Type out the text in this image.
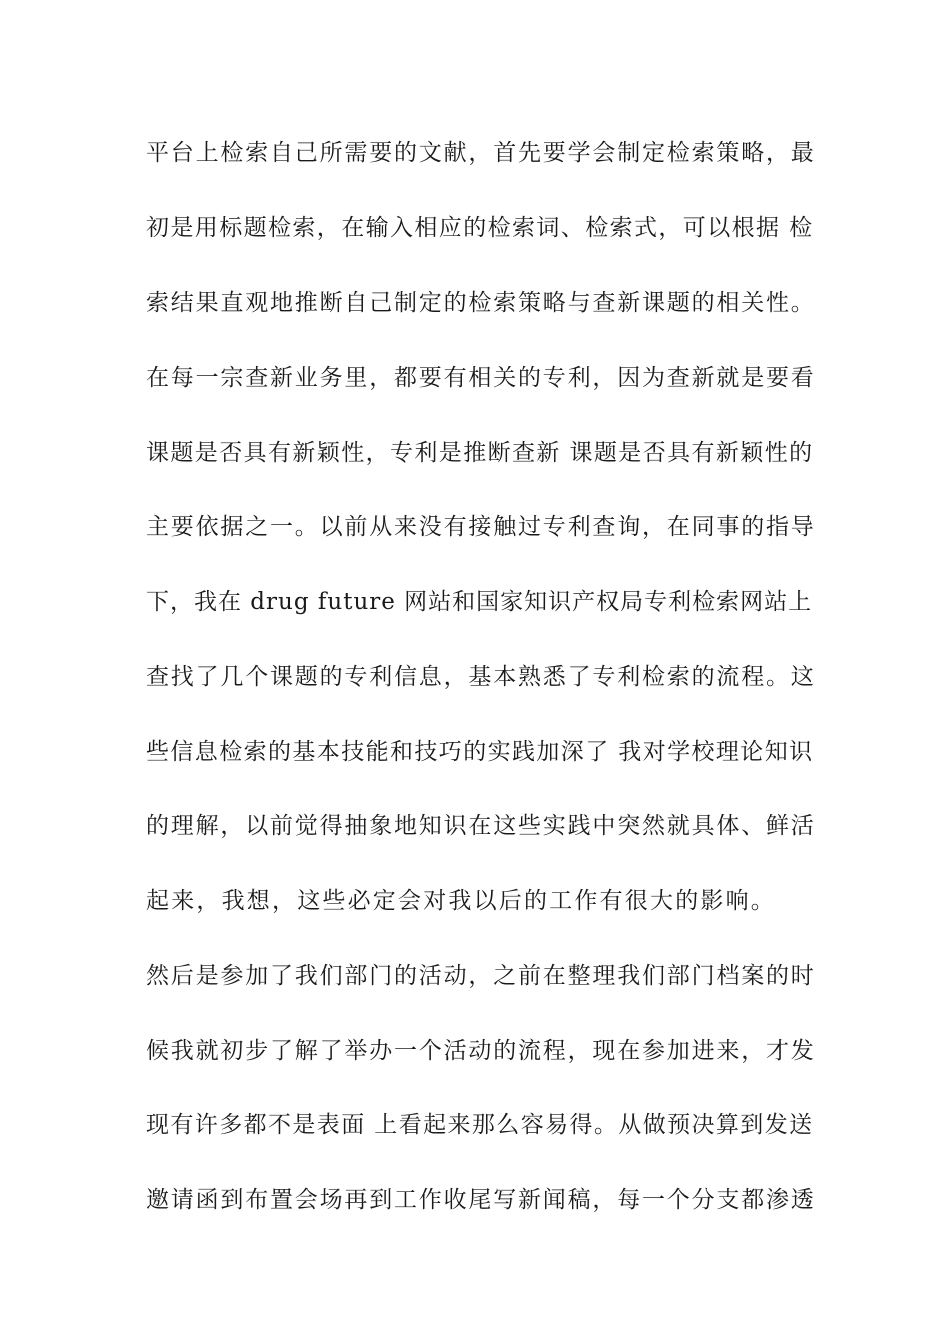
平台上检索自己所需要的文献，首先要学会制定检索策略，最
初是用标题检索，在输入相应的检索词、检索式，可以根据 检
索结果直观地推断自己制定的检索策略与查新课题的相关性。
在每一宗查新业务里，都要有相关的专利，因为查新就是要看
课题是否具有新颖性，专利是推断查新 课题是否具有新颖性的
主要依据之一。以前从来没有接触过专利查询，在同事的指导
下，我在 drug future 网站和国家知识产权局专利检索网站上
查找了几个课题的专利信息，基本熟悉了专利检索的流程。这
些信息检索的基本技能和技巧的实践加深了 我对学校理论知识
的理解，以前觉得抽象地知识在这些实践中突然就具体、鲜活
起来，我想，这些必定会对我以后的工作有很大的影响。
然后是参加了我们部门的活动，之前在整理我们部门档案的时
候我就初步了解了举办一个活动的流程，现在参加进来，才发
现有许多都不是表面 上看起来那么容易得。从做预决算到发送
邀请函到布置会场再到工作收尾写新闻稿，每一个分支都渗透
